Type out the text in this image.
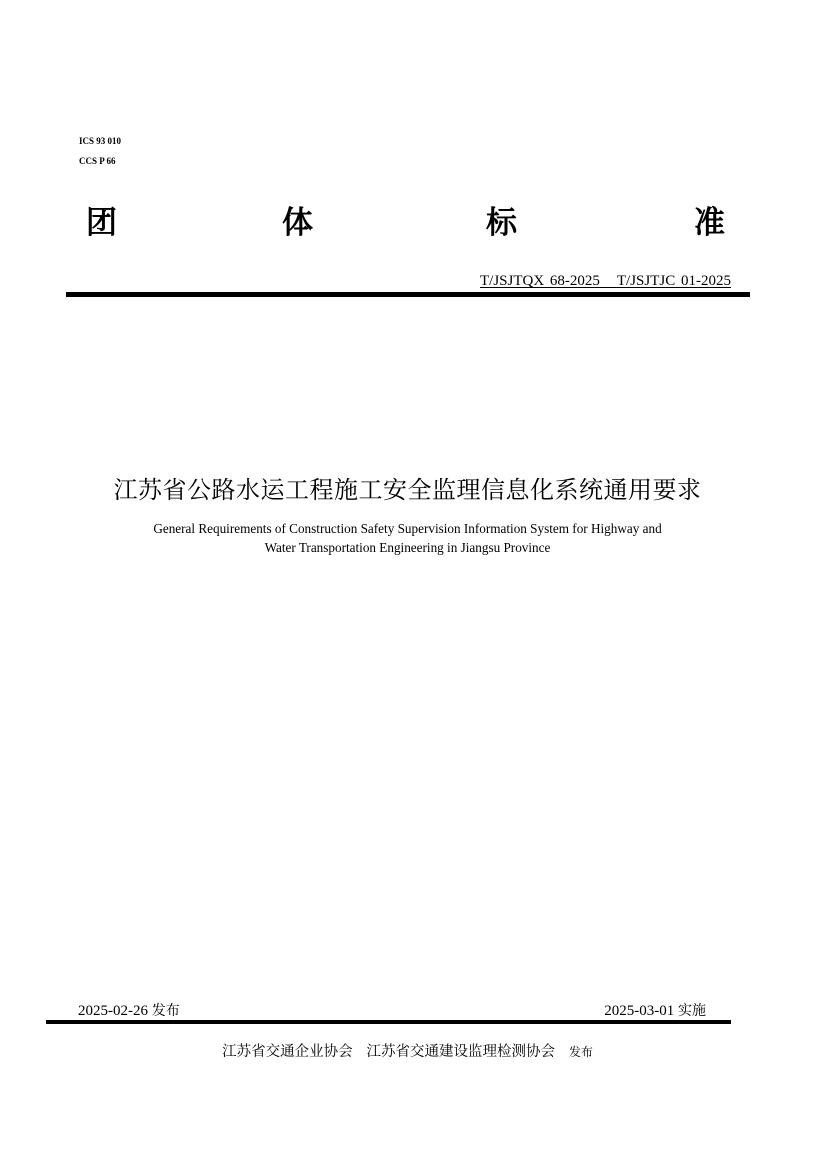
ICS 93 010
CCS P 66
团	体	标	准
T/JSJTQX 68-2025 T/JSJTJC 01-2025
江苏省公路水运工程施工安全监理信息化系统通用要求
General Requirements of Construction Safety Supervision Information System for Highway and
Water Transportation Engineering in Jiangsu Province
2025-02-26 发布	2025-03-01 实施
江苏省交通企业协会 江苏省交通建设监理检测协会 发布
